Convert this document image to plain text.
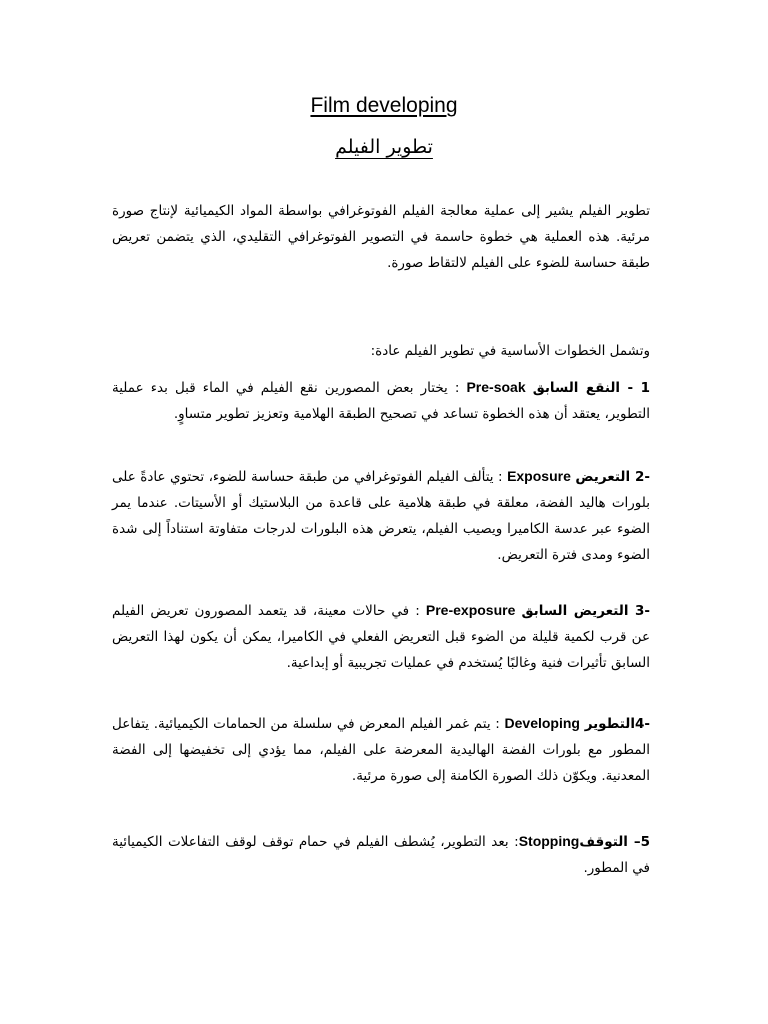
Film developing
تطوير الفيلم

تطوير الفيلم يشير إلى عملية معالجة الفيلم الفوتوغرافي بواسطة المواد الكيميائية لإنتاج صورة مرئية. هذه العملية هي خطوة حاسمة في التصوير الفوتوغرافي التقليدي، الذي يتضمن تعريض طبقة حساسة للضوء على الفيلم لالتقاط صورة.

وتشمل الخطوات الأساسية في تطوير الفيلم عادة:

1 - النقع السابق Pre-soak : يختار بعض المصورين نقع الفيلم في الماء قبل بدء عملية التطوير، يعتقد أن هذه الخطوة تساعد في تصحيح الطبقة الهلامية وتعزيز تطوير متساوٍ.

-2 التعريض Exposure : يتألف الفيلم الفوتوغرافي من طبقة حساسة للضوء، تحتوي عادةً على بلورات هاليد الفضة، معلقة في طبقة هلامية على قاعدة من البلاستيك أو الأسيتات. عندما يمر الضوء عبر عدسة الكاميرا ويصيب الفيلم، يتعرض هذه البلورات لدرجات متفاوتة استناداً إلى شدة الضوء ومدى فترة التعريض.

-3 التعريض السابق Pre-exposure : في حالات معينة، قد يتعمد المصورون تعريض الفيلم عن قرب لكمية قليلة من الضوء قبل التعريض الفعلي في الكاميرا، يمكن أن يكون لهذا التعريض السابق تأثيرات فنية وغالبًا يُستخدم في عمليات تجريبية أو إبداعية.

-4التطوير Developing : يتم غمر الفيلم المعرض في سلسلة من الحمامات الكيميائية. يتفاعل المطور مع بلورات الفضة الهاليدية المعرضة على الفيلم، مما يؤدي إلى تخفيضها إلى الفضة المعدنية. ويكوّن ذلك الصورة الكامنة إلى صورة مرئية.

5– التوقفStopping: بعد التطوير، يُشطف الفيلم في حمام توقف لوقف التفاعلات الكيميائية في المطور.
